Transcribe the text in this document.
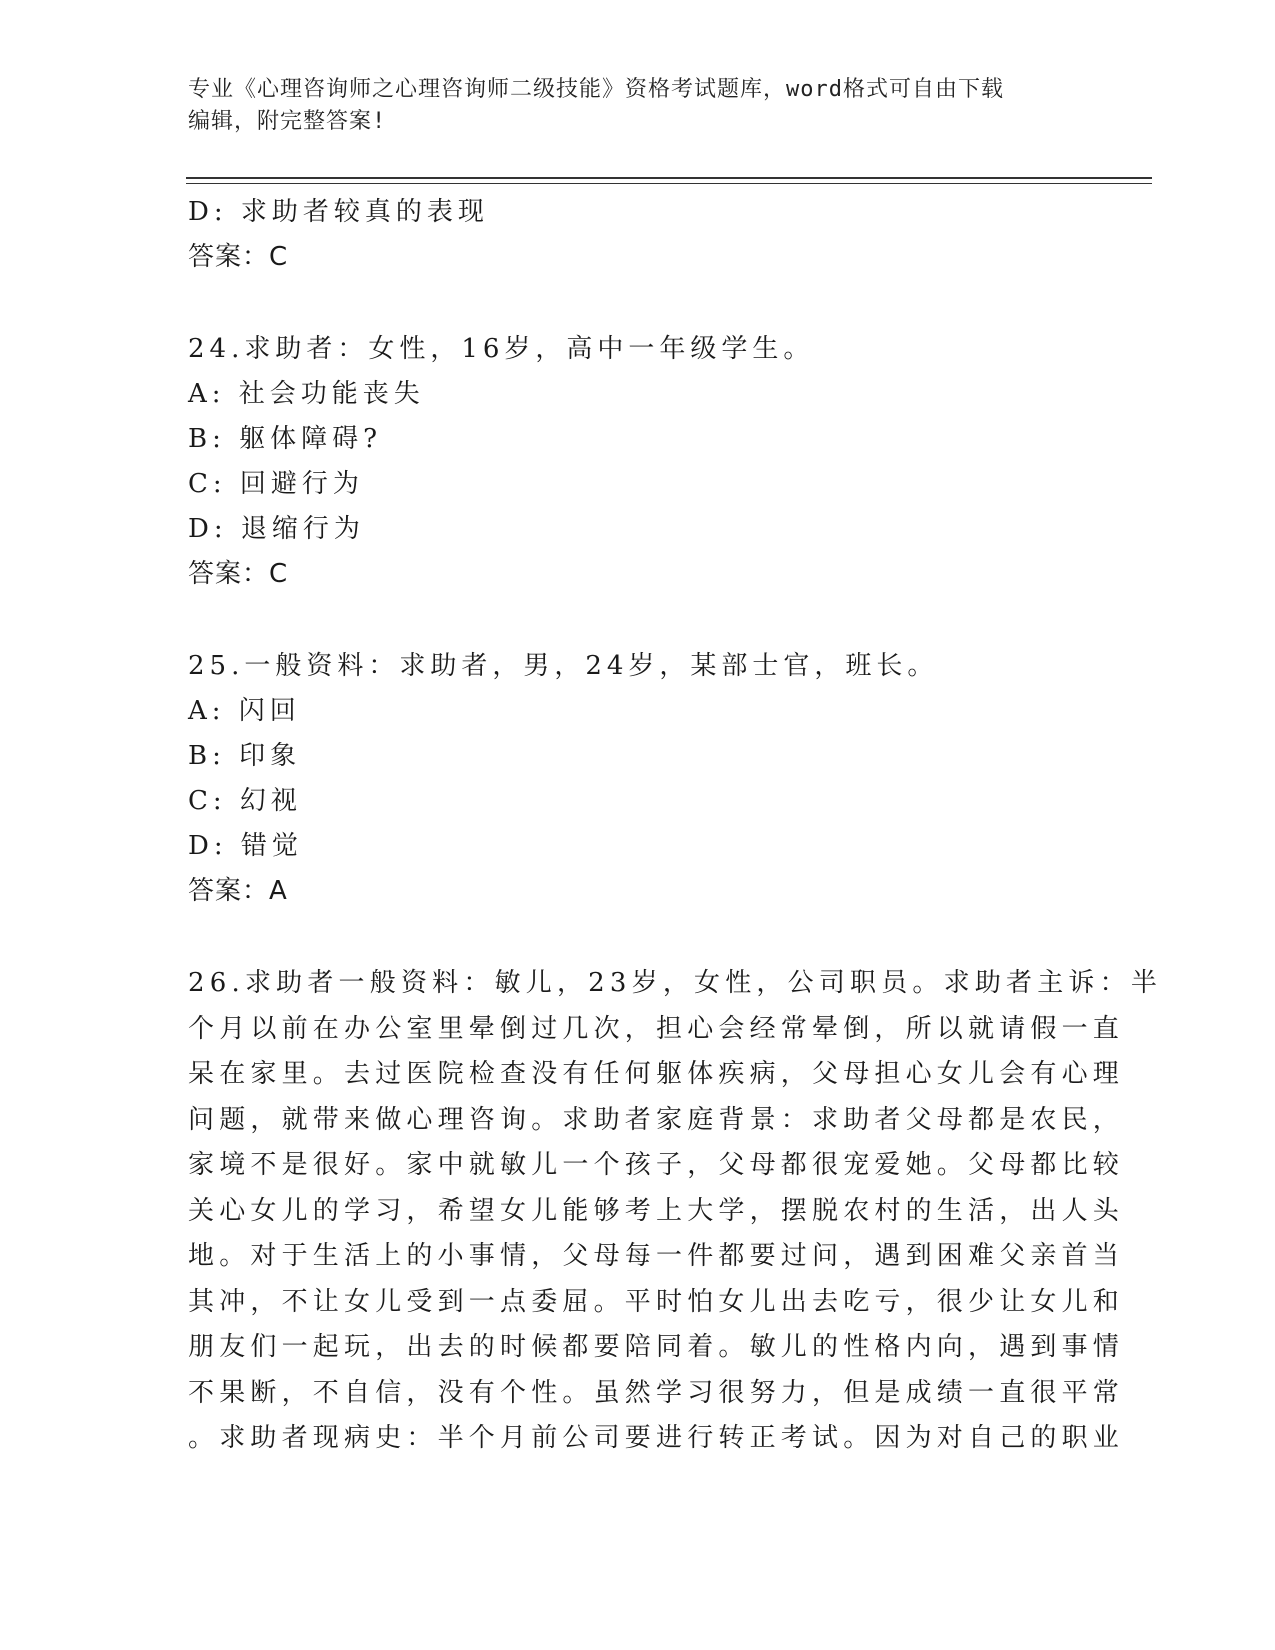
专业《心理咨询师之心理咨询师二级技能》资格考试题库，word格式可自由下载
编辑，附完整答案!
D: 求助者较真的表现
答案：C
24.求助者：女性，16岁，高中一年级学生。
A: 社会功能丧失
B: 躯体障碍?
C: 回避行为
D: 退缩行为
答案：C
25.一般资料：求助者，男，24岁，某部士官，班长。
A: 闪回
B: 印象
C: 幻视
D: 错觉
答案：A
26.求助者一般资料：敏儿，23岁，女性，公司职员。求助者主诉：半
个月以前在办公室里晕倒过几次，担心会经常晕倒，所以就请假一直
呆在家里。去过医院检查没有任何躯体疾病，父母担心女儿会有心理
问题，就带来做心理咨询。求助者家庭背景：求助者父母都是农民，
家境不是很好。家中就敏儿一个孩子，父母都很宠爱她。父母都比较
关心女儿的学习，希望女儿能够考上大学，摆脱农村的生活，出人头
地。对于生活上的小事情，父母每一件都要过问，遇到困难父亲首当
其冲，不让女儿受到一点委屈。平时怕女儿出去吃亏，很少让女儿和
朋友们一起玩，出去的时候都要陪同着。敏儿的性格内向，遇到事情
不果断，不自信，没有个性。虽然学习很努力，但是成绩一直很平常
。求助者现病史：半个月前公司要进行转正考试。因为对自己的职业
